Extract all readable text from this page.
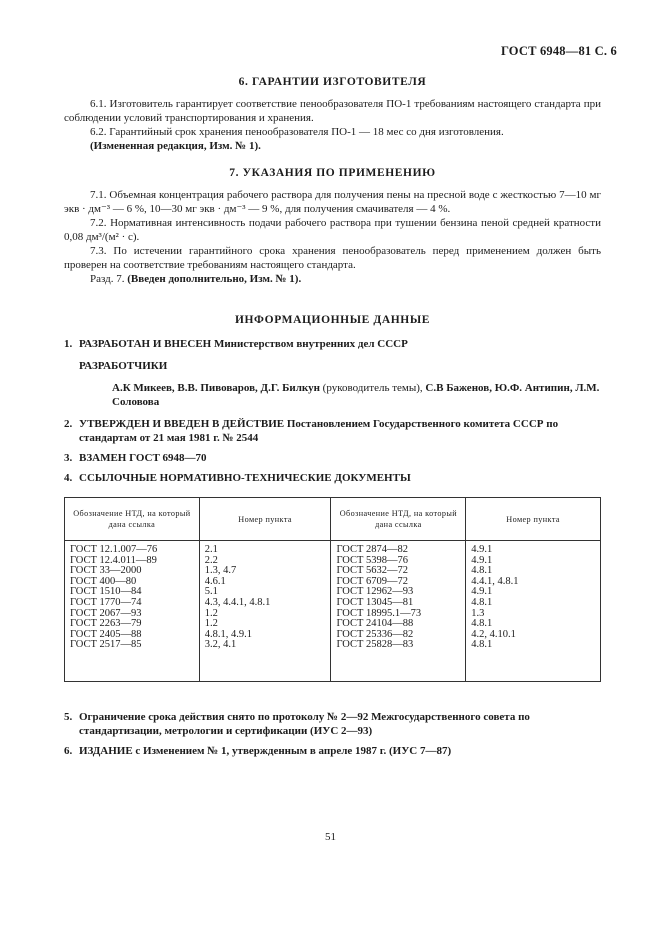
ГОСТ 6948—81 С. 6
6. ГАРАНТИИ ИЗГОТОВИТЕЛЯ

6.1. Изготовитель гарантирует соответствие пенообразователя ПО-1 требованиям настоящего стандарта при соблюдении условий транспортирования и хранения.

6.2. Гарантийный срок хранения пенообразователя ПО-1 — 18 мес со дня изготовления.

(Измененная редакция, Изм. № 1).

7. УКАЗАНИЯ ПО ПРИМЕНЕНИЮ

7.1. Объемная концентрация рабочего раствора для получения пены на пресной воде с жесткостью 7—10 мг экв · дм⁻³ — 6 %, 10—30 мг экв · дм⁻³ — 9 %, для получения смачивателя — 4 %.

7.2. Нормативная интенсивность подачи рабочего раствора при тушении бензина пеной средней кратности 0,08 дм³/(м² · с).

7.3. По истечении гарантийного срока хранения пенообразователь перед применением должен быть проверен на соответствие требованиям настоящего стандарта.

Разд. 7. (Введен дополнительно, Изм. № 1).

ИНФОРМАЦИОННЫЕ ДАННЫЕ
1. РАЗРАБОТАН И ВНЕСЕН Министерством внутренних дел СССР
РАЗРАБОТЧИКИ
А.К Микеев, В.В. Пивоваров, Д.Г. Билкун (руководитель темы), С.В Баженов, Ю.Ф. Антипин, Л.М. Соловова
2. УТВЕРЖДЕН И ВВЕДЕН В ДЕЙСТВИЕ Постановлением Государственного комитета СССР по стандартам от 21 мая 1981 г. № 2544
3. ВЗАМЕН ГОСТ 6948—70
4. ССЫЛОЧНЫЕ НОРМАТИВНО-ТЕХНИЧЕСКИЕ ДОКУМЕНТЫ
Обозначение НТД, на который дана ссылка	Номер пункта	Обозначение НТД, на который дана ссылка	Номер пункта
ГОСТ 12.1.007—76	2.1	ГОСТ 2874—82	4.9.1
ГОСТ 12.4.011—89	2.2	ГОСТ 5398—76	4.9.1
ГОСТ 33—2000	1.3, 4.7	ГОСТ 5632—72	4.8.1
ГОСТ 400—80	4.6.1	ГОСТ 6709—72	4.4.1, 4.8.1
ГОСТ 1510—84	5.1	ГОСТ 12962—93	4.9.1
ГОСТ 1770—74	4.3, 4.4.1, 4.8.1	ГОСТ 13045—81	4.8.1
ГОСТ 2067—93	1.2	ГОСТ 18995.1—73	1.3
ГОСТ 2263—79	1.2	ГОСТ 24104—88	4.8.1
ГОСТ 2405—88	4.8.1, 4.9.1	ГОСТ 25336—82	4.2, 4.10.1
ГОСТ 2517—85	3.2, 4.1	ГОСТ 25828—83	4.8.1
5. Ограничение срока действия снято по протоколу № 2—92 Межгосударственного совета по стандартизации, метрологии и сертификации (ИУС 2—93)
6. ИЗДАНИЕ с Изменением № 1, утвержденным в апреле 1987 г. (ИУС 7—87)
51
